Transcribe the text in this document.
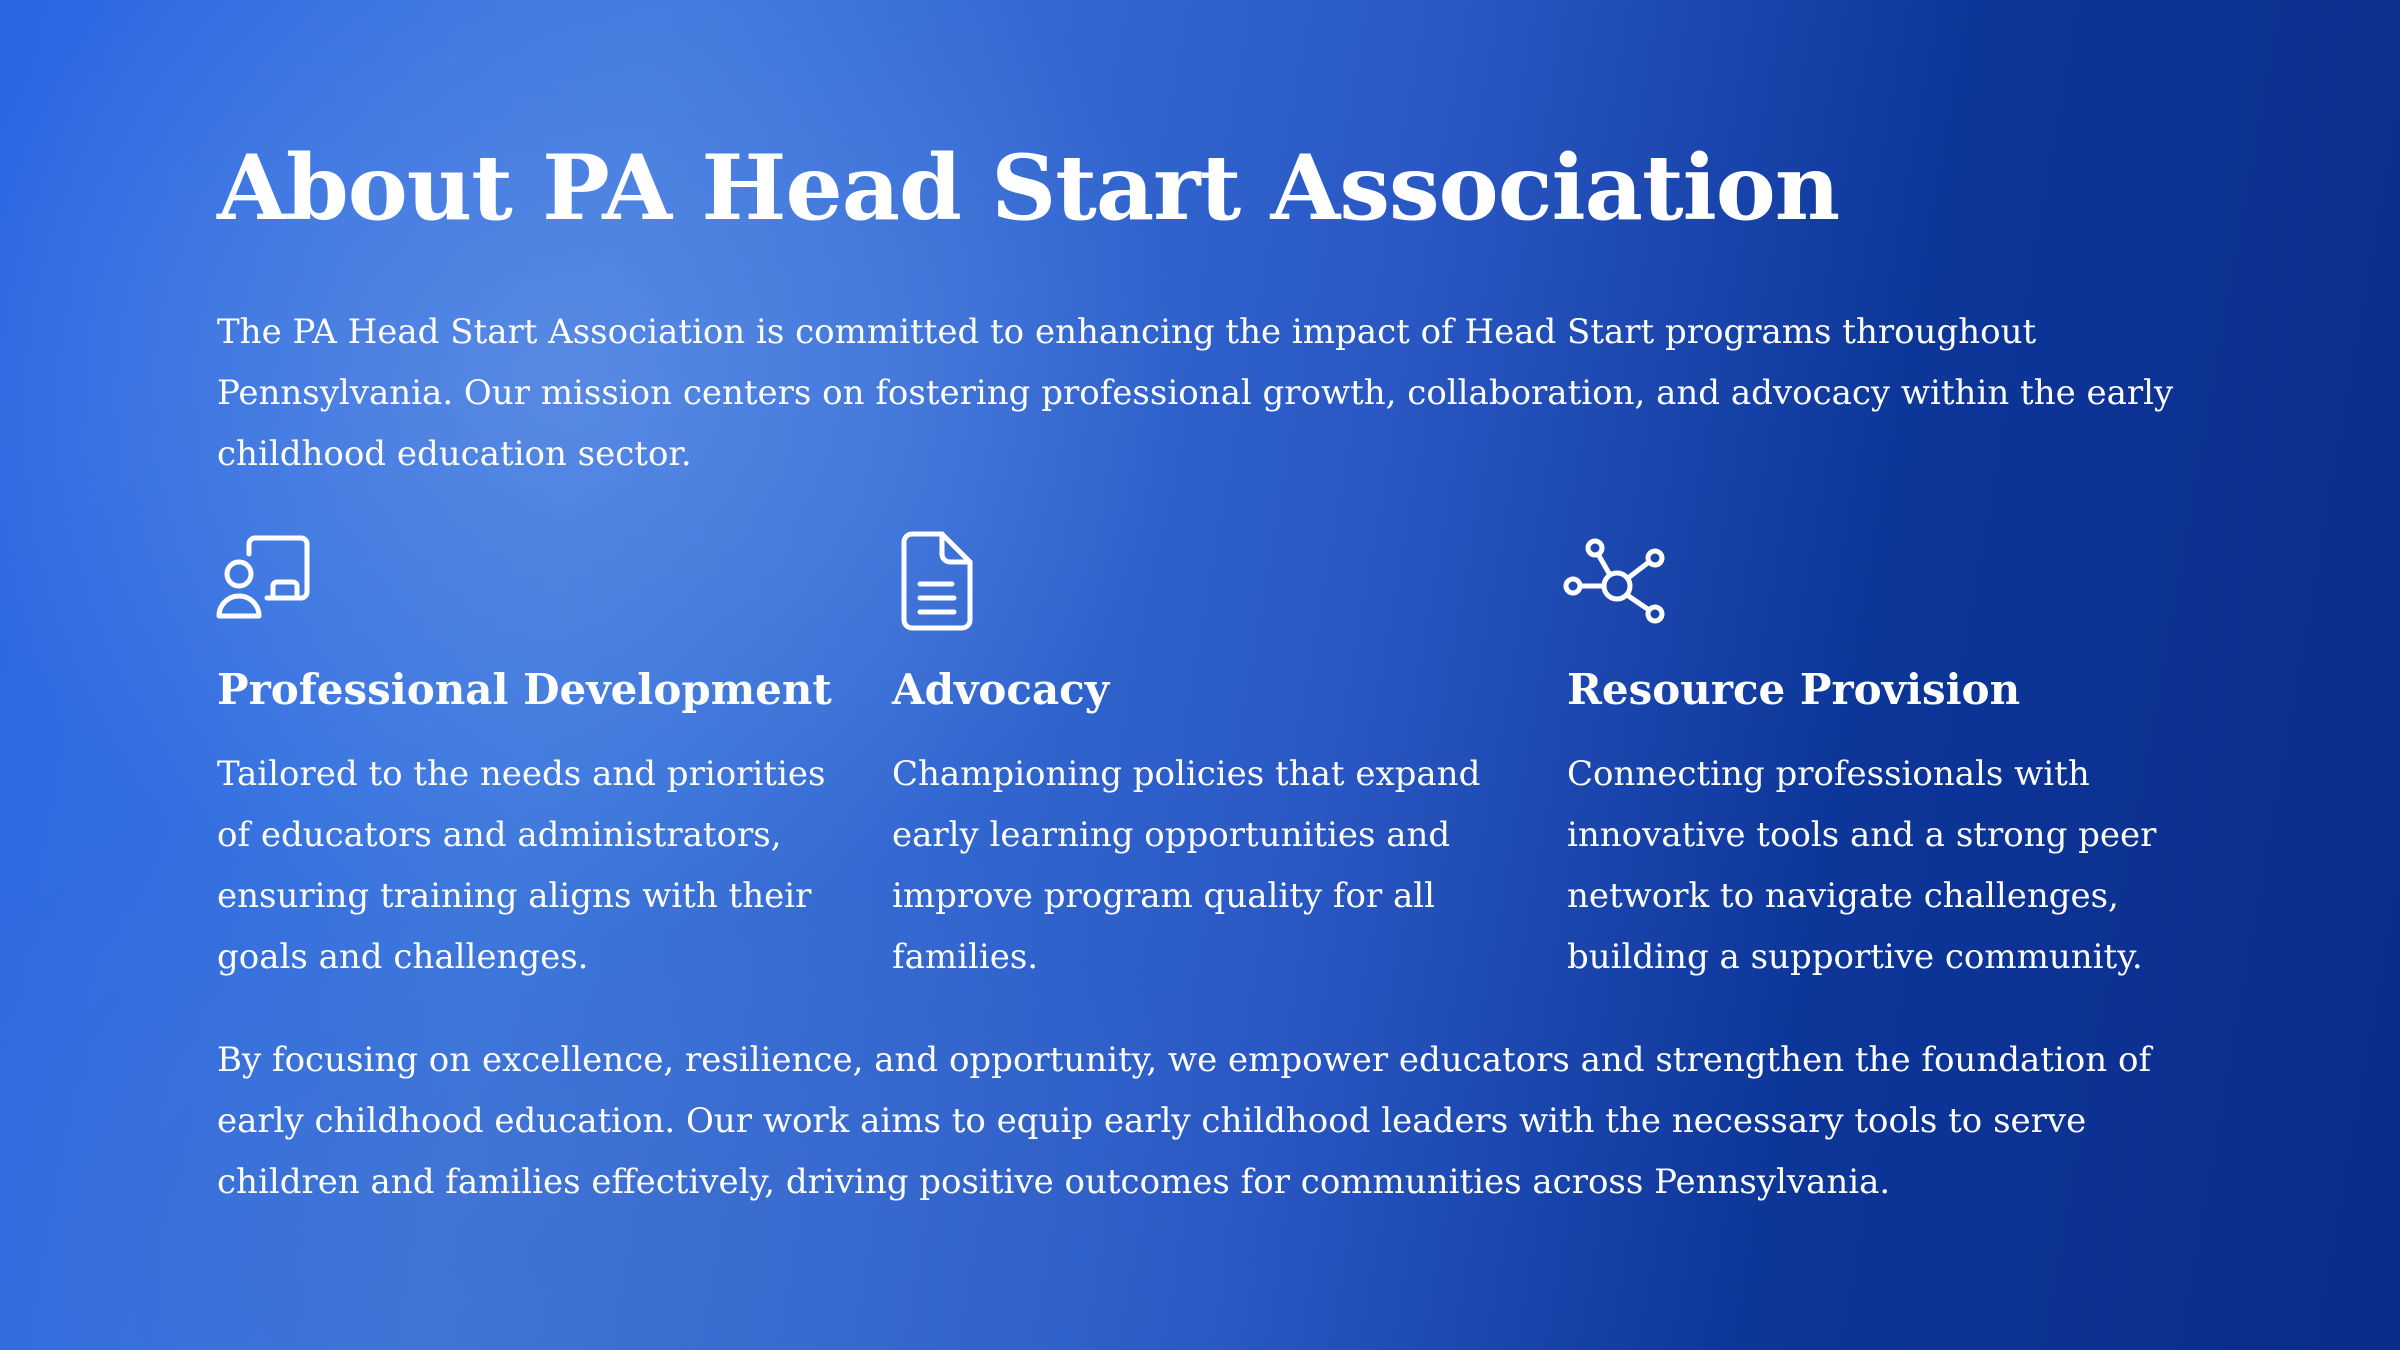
About PA Head Start Association

The PA Head Start Association is committed to enhancing the impact of Head Start programs throughout Pennsylvania. Our mission centers on fostering professional growth, collaboration, and advocacy within the early childhood education sector.

Professional Development

Tailored to the needs and priorities of educators and administrators, ensuring training aligns with their goals and challenges.

Advocacy

Championing policies that expand early learning opportunities and improve program quality for all families.

Resource Provision

Connecting professionals with innovative tools and a strong peer network to navigate challenges, building a supportive community.

By focusing on excellence, resilience, and opportunity, we empower educators and strengthen the foundation of early childhood education. Our work aims to equip early childhood leaders with the necessary tools to serve children and families effectively, driving positive outcomes for communities across Pennsylvania.
